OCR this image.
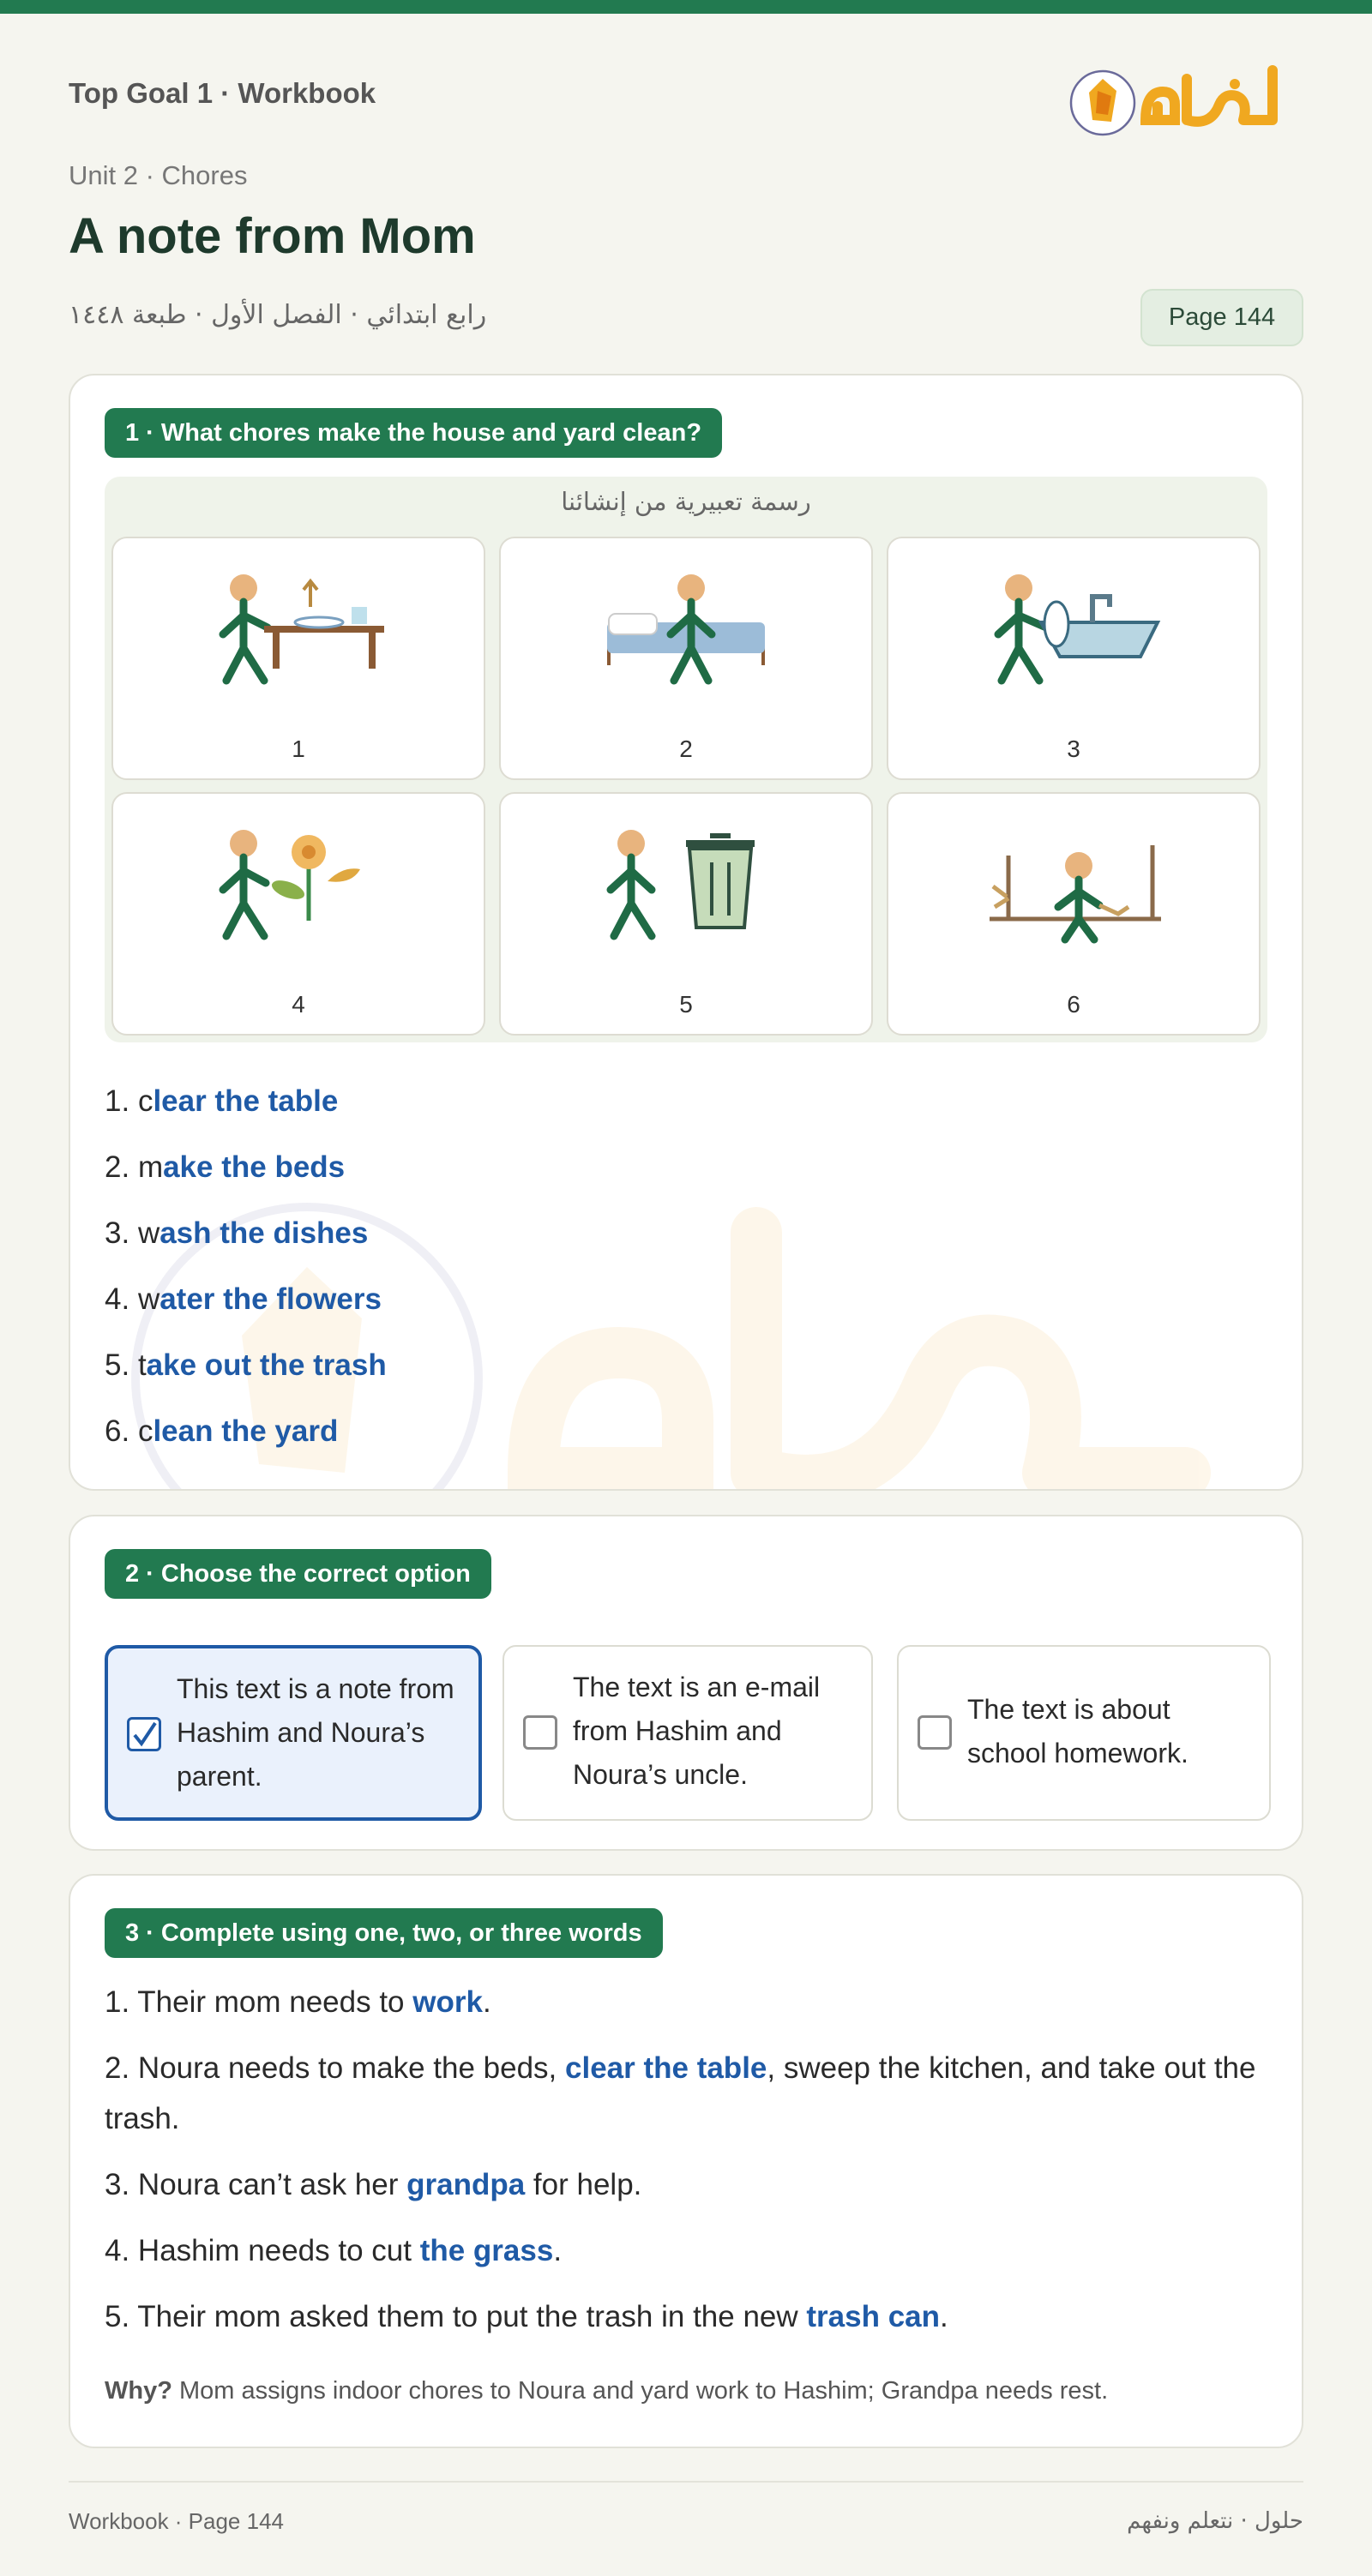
Top Goal 1 · Workbook
Unit 2 · Chores
A note from Mom
رابع ابتدائي · الفصل الأول · طبعة ١٤٤٨	Page 144
1 · What chores make the house and yard clean?
رسمة تعبيرية من إنشائنا
1	2	3
4	5	6
1. clear the table
2. make the beds
3. wash the dishes
4. water the flowers
5. take out the trash
6. clean the yard
2 · Choose the correct option
This text is a note from Hashim and Noura’s parent.
The text is an e-mail from Hashim and Noura’s uncle.
The text is about school homework.
3 · Complete using one, two, or three words

1. Their mom needs to work.

2. Noura needs to make the beds, clear the table, sweep the kitchen, and take out the trash.

3. Noura can’t ask her grandpa for help.

4. Hashim needs to cut the grass.

5. Their mom asked them to put the trash in the new trash can.

Why? Mom assigns indoor chores to Noura and yard work to Hashim; Grandpa needs rest.
Workbook · Page 144	حلول · نتعلم ونفهم
